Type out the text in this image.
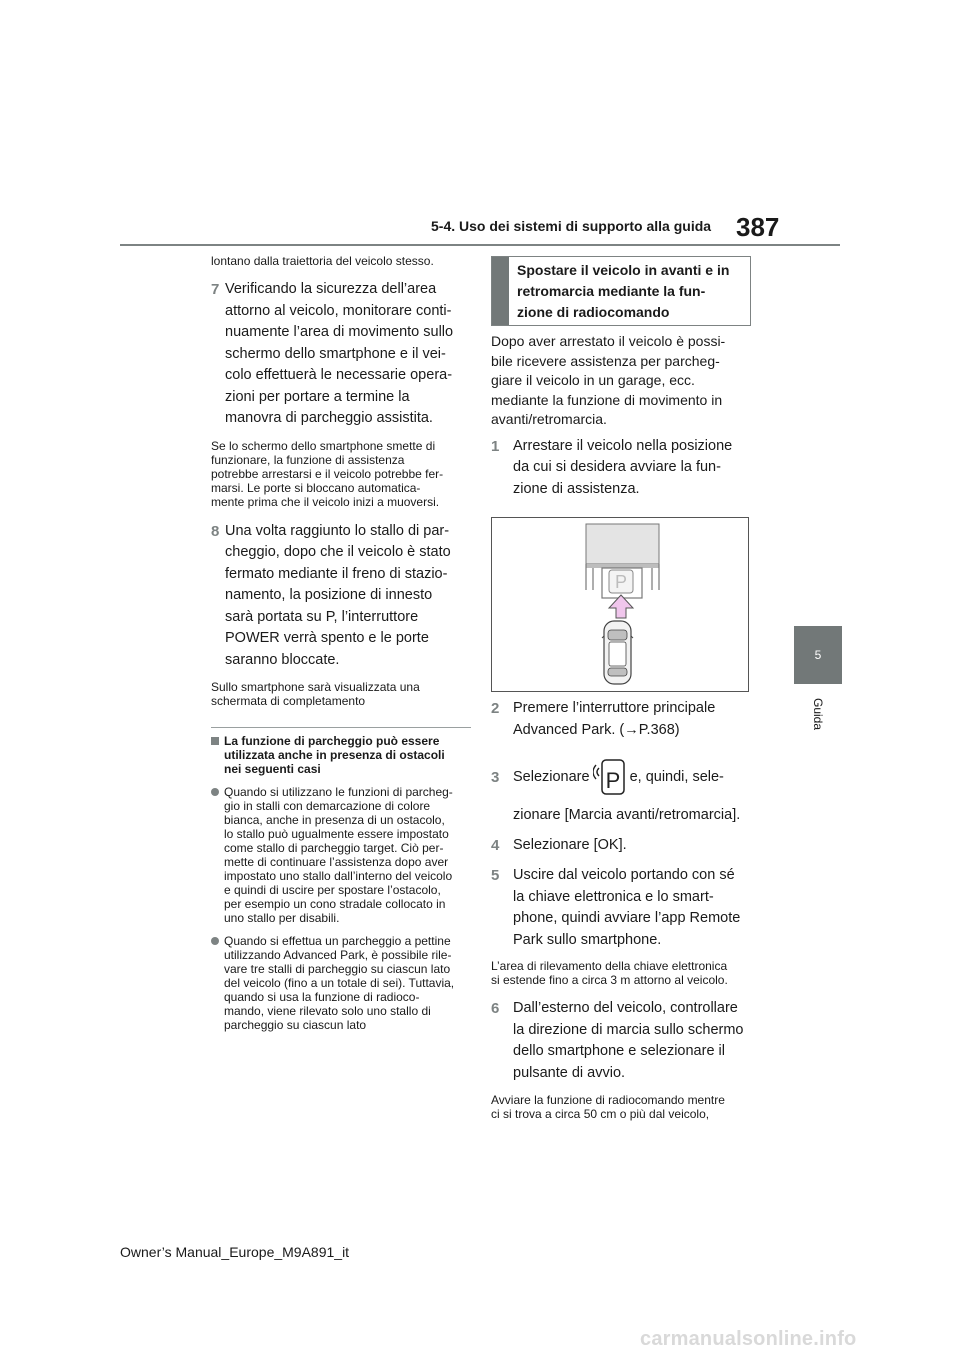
5-4. Uso dei sistemi di supporto alla guida 387
5
Guida

lontano dalla traiettoria del veicolo stesso.

7 Verificando la sicurezza dell’area
attorno al veicolo, monitorare conti-
nuamente l’area di movimento sullo
schermo dello smartphone e il vei-
colo effettuerà le necessarie opera-
zioni per portare a termine la
manovra di parcheggio assistita.
Se lo schermo dello smartphone smette di
funzionare, la funzione di assistenza
potrebbe arrestarsi e il veicolo potrebbe fer-
marsi. Le porte si bloccano automatica-
mente prima che il veicolo inizi a muoversi.
8 Una volta raggiunto lo stallo di par-
cheggio, dopo che il veicolo è stato
fermato mediante il freno di stazio-
namento, la posizione di innesto
sarà portata su P, l’interruttore
POWER verrà spento e le porte
saranno bloccate.
Sullo smartphone sarà visualizzata una
schermata di completamento
La funzione di parcheggio può essere
utilizzata anche in presenza di ostacoli
nei seguenti casi
Quando si utilizzano le funzioni di parcheg-
gio in stalli con demarcazione di colore
bianca, anche in presenza di un ostacolo,
lo stallo può ugualmente essere impostato
come stallo di parcheggio target. Ciò per-
mette di continuare l’assistenza dopo aver
impostato uno stallo dall’interno del veicolo
e quindi di uscire per spostare l’ostacolo,
per esempio un cono stradale collocato in
uno stallo per disabili.
Quando si effettua un parcheggio a pettine
utilizzando Advanced Park, è possibile rile-
vare tre stalli di parcheggio su ciascun lato
del veicolo (fino a un totale di sei). Tuttavia,
quando si usa la funzione di radioco-
mando, viene rilevato solo uno stallo di
parcheggio su ciascun lato
Spostare il veicolo in avanti e in
retromarcia mediante la fun-
zione di radiocomando
Dopo aver arrestato il veicolo è possi-
bile ricevere assistenza per parcheg-
giare il veicolo in un garage, ecc.
mediante la funzione di movimento in
avanti/retromarcia.
1 Arrestare il veicolo nella posizione
da cui si desidera avviare la fun-
zione di assistenza.
P
2 Premere l’interruttore principale
Advanced Park. (→P.368)
3 Selezionare P e, quindi, sele-
zionare [Marcia avanti/retromarcia].
4 Selezionare [OK].
5 Uscire dal veicolo portando con sé
la chiave elettronica e lo smart-
phone, quindi avviare l’app Remote
Park sullo smartphone.
L’area di rilevamento della chiave elettronica
si estende fino a circa 3 m attorno al veicolo.
6 Dall’esterno del veicolo, controllare
la direzione di marcia sullo schermo
dello smartphone e selezionare il
pulsante di avvio.
Avviare la funzione di radiocomando mentre
ci si trova a circa 50 cm o più dal veicolo,
Owner’s Manual_Europe_M9A891_it
carmanualsonline.info
